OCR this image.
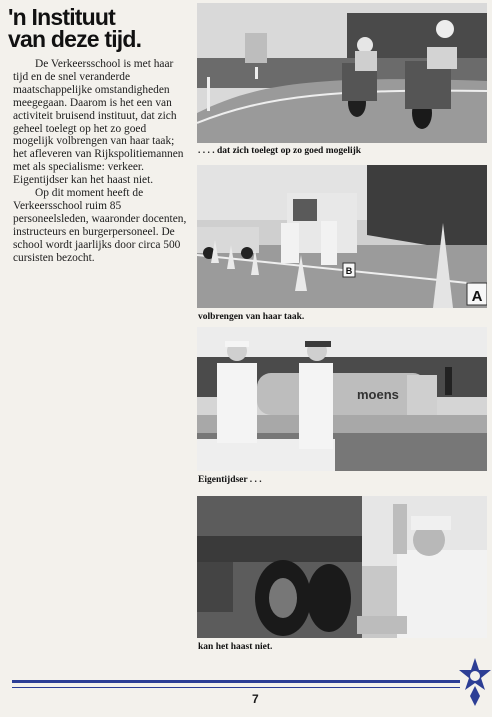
'n Instituut
van deze tijd.

De Verkeersschool is met haar tijd en de snel veranderde maatschappelijke omstandigheden meegegaan. Daarom is het een van activiteit bruisend instituut, dat zich geheel toelegt op het zo goed mogelijk volbrengen van haar taak; het afleveren van Rijkspolitiemannen met als specialisme: verkeer. Eigentijdser kan het haast niet.

Op dit moment heeft de Verkeersschool ruim 85 personeelsleden, waaronder docenten, instructeurs en burgerpersoneel. De school wordt jaarlijks door circa 500 cursisten bezocht.

. . . . dat zich toelegt op zo goed mogelijk
B
A
volbrengen van haar taak.
moens
Eigentijdser . . .
kan het haast niet.
7
